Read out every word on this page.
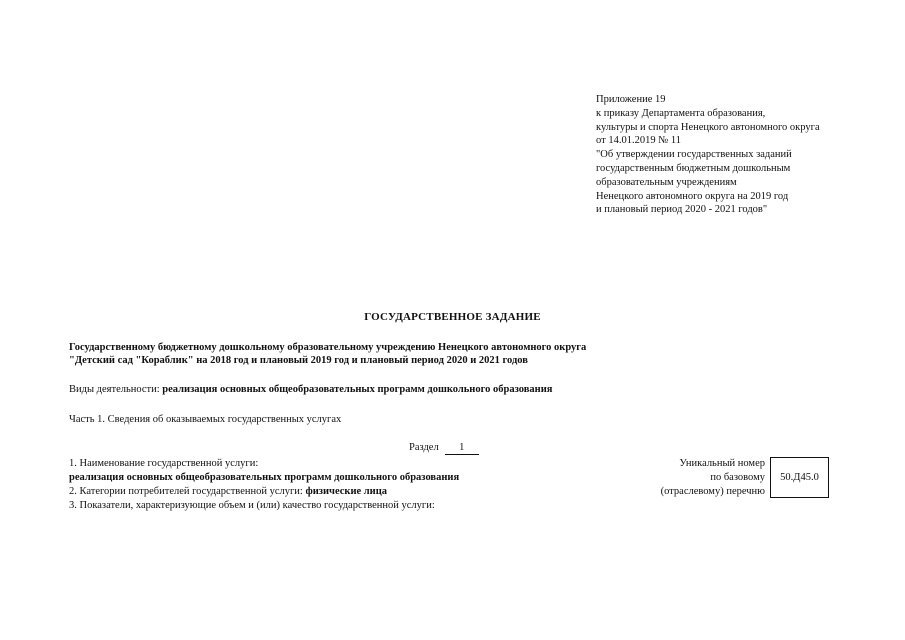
Приложение 19
к приказу Департамента образования,
культуры и спорта Ненецкого автономного округа
от 14.01.2019 № 11
"Об утверждении государственных заданий
государственным бюджетным дошкольным
образовательным учреждениям
Ненецкого автономного округа на 2019 год
и плановый период 2020 - 2021 годов"
ГОСУДАРСТВЕННОЕ ЗАДАНИЕ
Государственному бюджетному дошкольному образовательному учреждению Ненецкого автономного округа
"Детский сад "Кораблик" на 2018 год и плановый 2019 год и плановый период 2020 и 2021 годов
Виды деятельности: реализация основных общеобразовательных программ дошкольного образования
Часть 1. Сведения об оказываемых государственных услугах
Раздел 1
1. Наименование государственной услуги:
реализация основных общеобразовательных программ дошкольного образования
2. Категории потребителей государственной услуги: физические лица
3. Показатели, характеризующие объем и (или) качество государственной услуги:
Уникальный номер
по базовому
(отраслевому) перечню
50.Д45.0
